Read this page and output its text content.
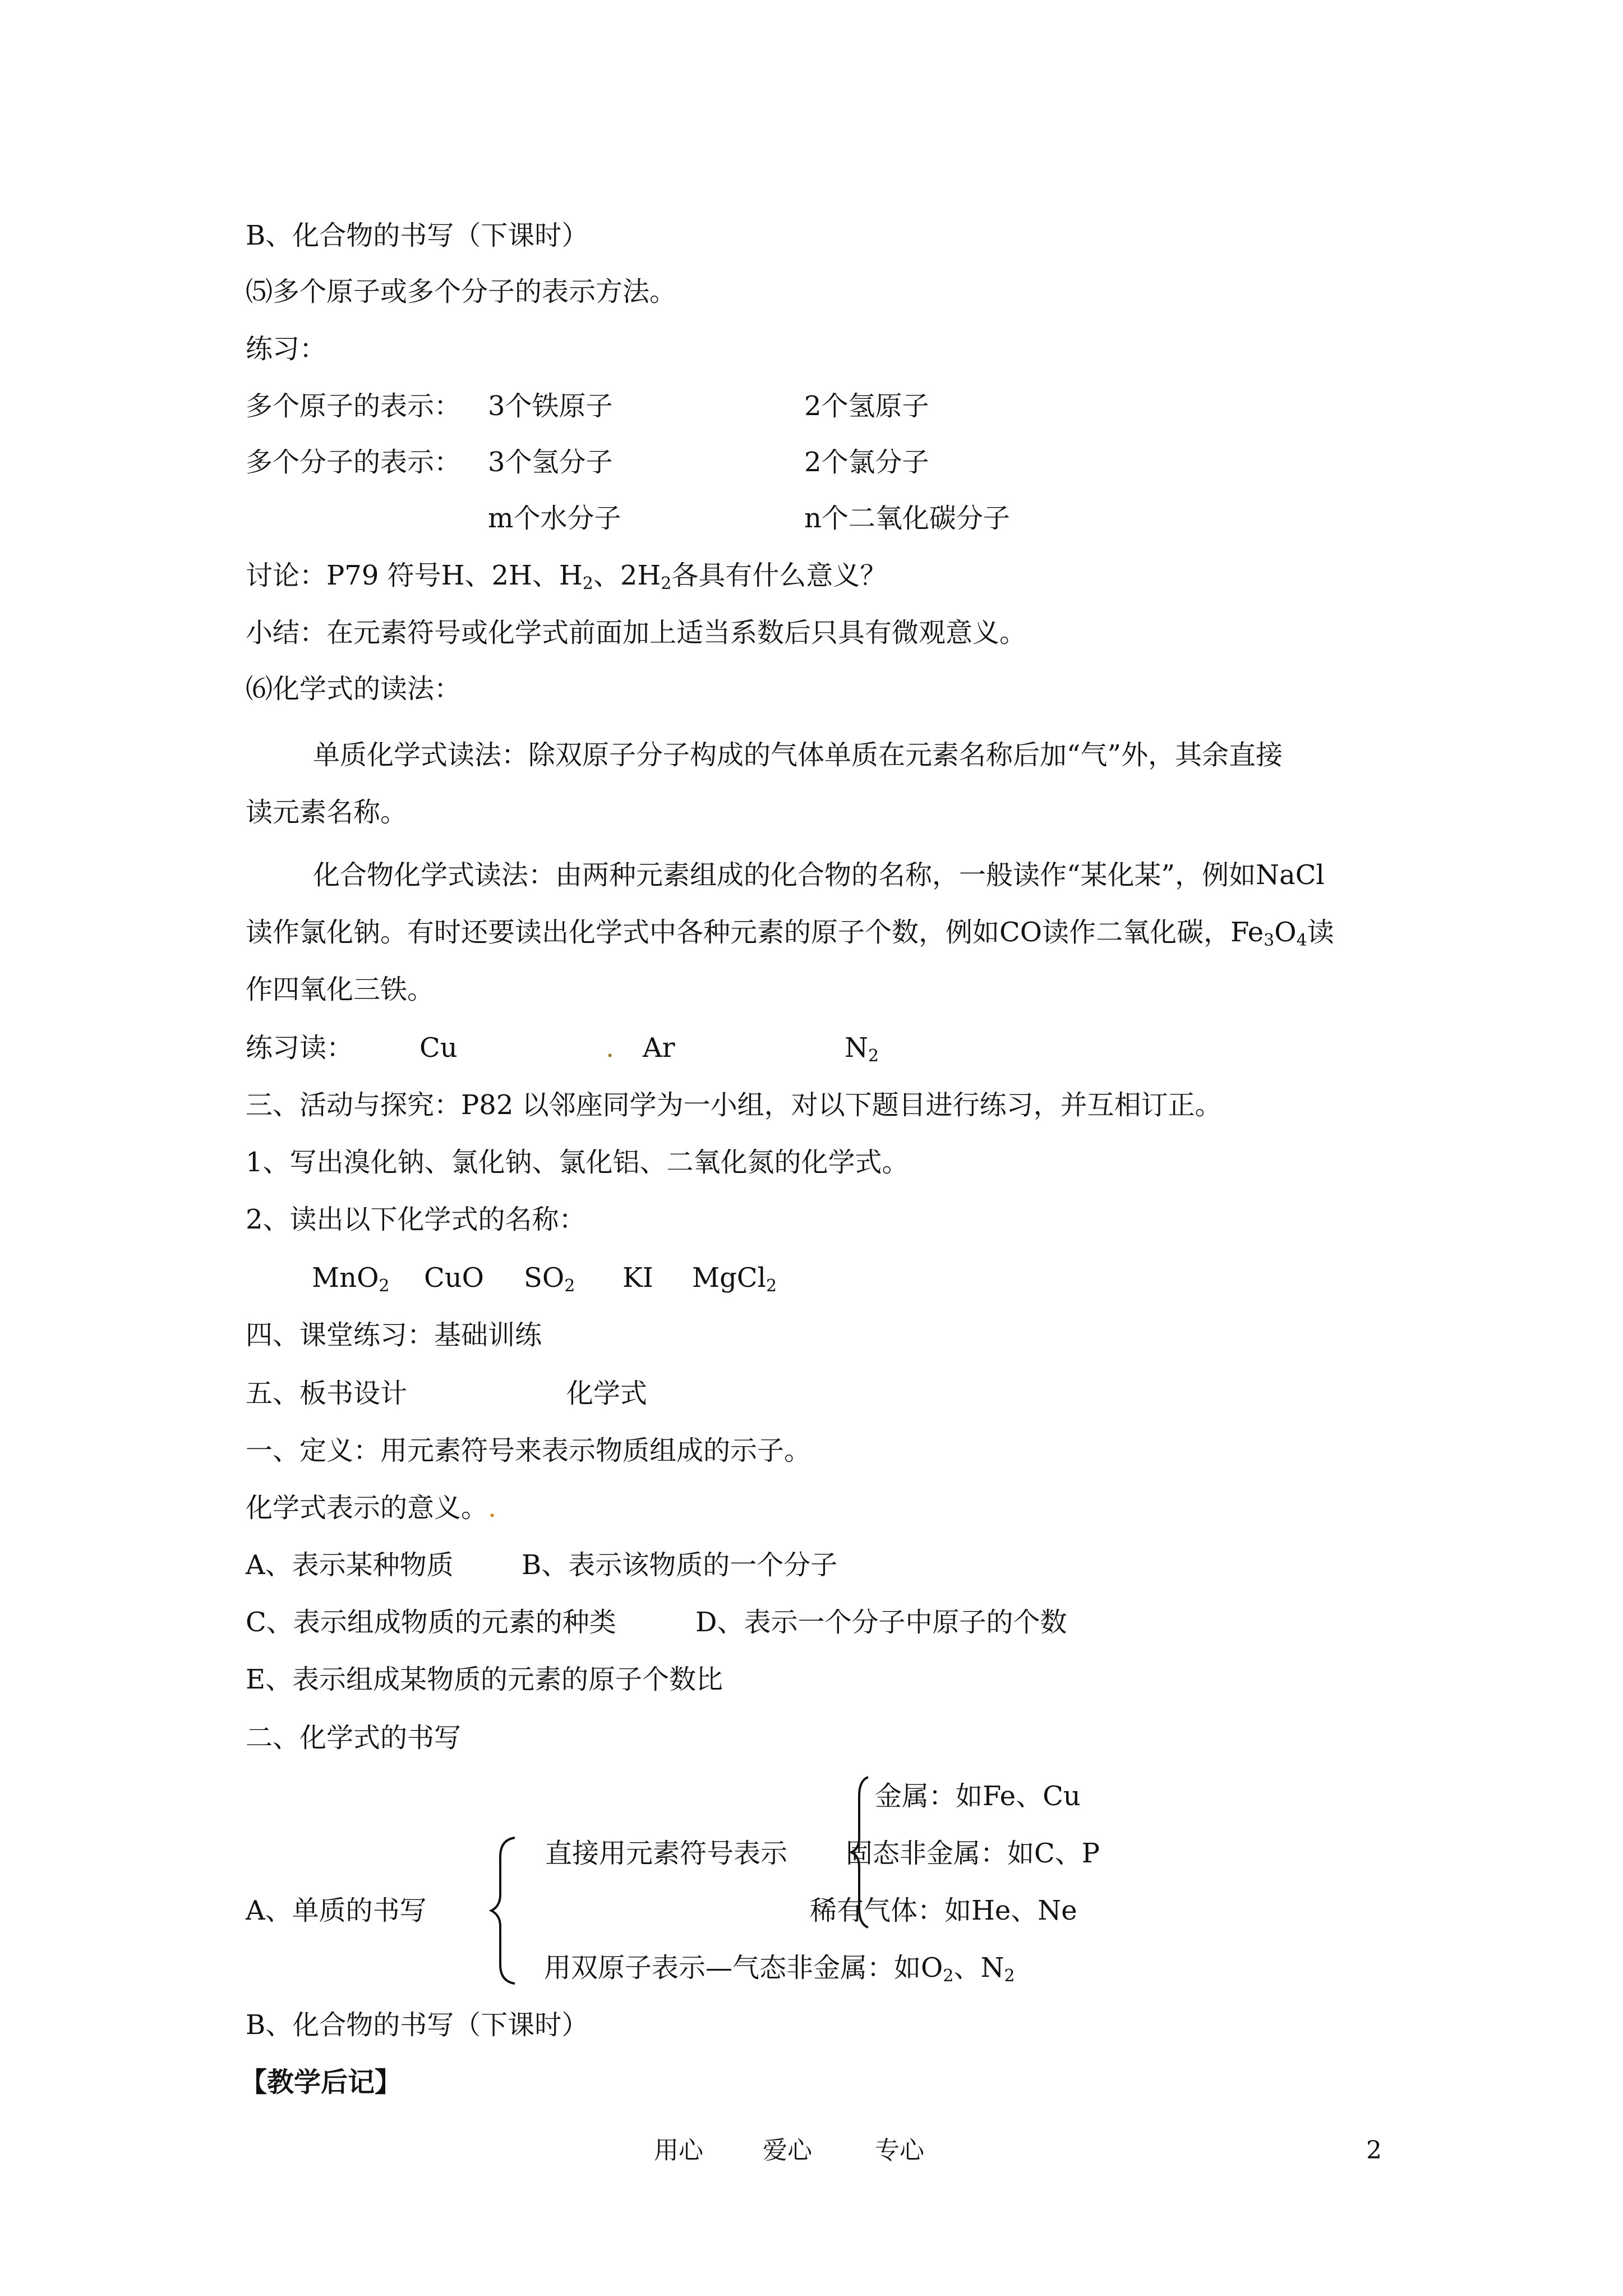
B、化合物的书写（下课时）
⑸多个原子或多个分子的表示方法。
练习：
多个原子的表示： 3个铁原子	2个氢原子
多个分子的表示： 3个氢分子	2个氯分子
m个水分子	n个二氧化碳分子
讨论：P79 符号H、2H、$H_2$、$2H_2$各具有什么意义？
小结：在元素符号或化学式前面加上适当系数后只具有微观意义。
⑹化学式的读法：
单质化学式读法：除双原子分子构成的气体单质在元素名称后加“气”外，其余直接
读元素名称。
化合物化学式读法：由两种元素组成的化合物的名称，一般读作“某化某”，例如NaCl
读作氯化钠。有时还要读出化学式中各种元素的原子个数，例如CO读作二氧化碳，$Fe_3O_4$读
作四氧化三铁。
练习读： Cu	. Ar	$N_2$
三、活动与探究：P82 以邻座同学为一小组，对以下题目进行练习，并互相订正。
1、写出溴化钠、氯化钠、氯化铝、二氧化氮的化学式。
2、读出以下化学式的名称：
MnO$_2$ CuO $SO_2$ KI MgCl$_2$
四、课堂练习：基础训练
五、板书设计	化学式
一、定义：用元素符号来表示物质组成的示子。
化学式表示的意义。.
A、表示某种物质	B、表示该物质的一个分子
C、表示组成物质的元素的种类	D、表示一个分子中原子的个数
E、表示组成某物质的元素的原子个数比
二、化学式的书写
金属：如Fe、Cu
直接用元素符号表示 固态非金属：如C、P
A、单质的书写	稀有气体：如He、Ne
用双原子表示—气态非金属：如$O_2$、$N_2$
B、化合物的书写（下课时）
【教学后记】
用心 爱心	专心	2
